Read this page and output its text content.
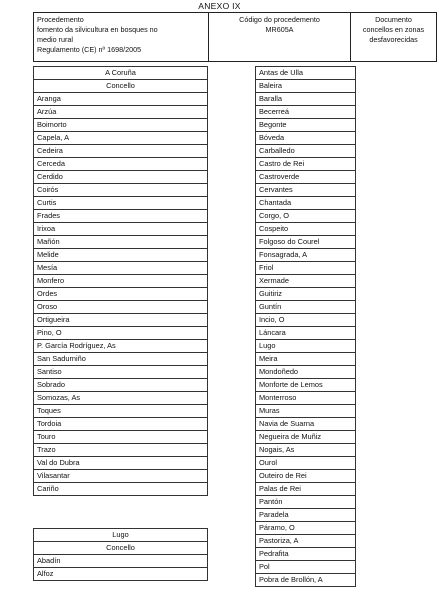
ANEXO IX
Procedemento
fomento da silvicultura en bosques no
medio rural
Regulamento (CE) nº 1698/2005
Código do procedemento
MR605A
Documento
concellos en zonas
desfavorecidas
A Coruña
Concello
Aranga
Arzúa
Boimorto
Capela, A
Cedeira
Cerceda
Cerdido
Coirós
Curtis
Frades
Irixoa
Mañón
Melide
Mesía
Monfero
Ordes
Oroso
Ortigueira
Pino, O
P. García Rodríguez, As
San Sadurniño
Santiso
Sobrado
Somozas, As
Toques
Tordoia
Touro
Trazo
Val do Dubra
Vilasantar
Cariño
Lugo
Concello
Abadín
Alfoz
Antas de Ulla
Baleira
Baralla
Becerreá
Begonte
Bóveda
Carballedo
Castro de Rei
Castroverde
Cervantes
Chantada
Corgo, O
Cospeito
Folgoso do Courel
Fonsagrada, A
Friol
Xermade
Guitiriz
Guntín
Incio, O
Láncara
Lugo
Meira
Mondoñedo
Monforte de Lemos
Monterroso
Muras
Navia de Suarna
Negueira de Muñiz
Nogais, As
Ourol
Outeiro de Rei
Palas de Rei
Pantón
Paradela
Páramo, O
Pastoriza, A
Pedrafita
Pol
Pobra de Brollón, A
